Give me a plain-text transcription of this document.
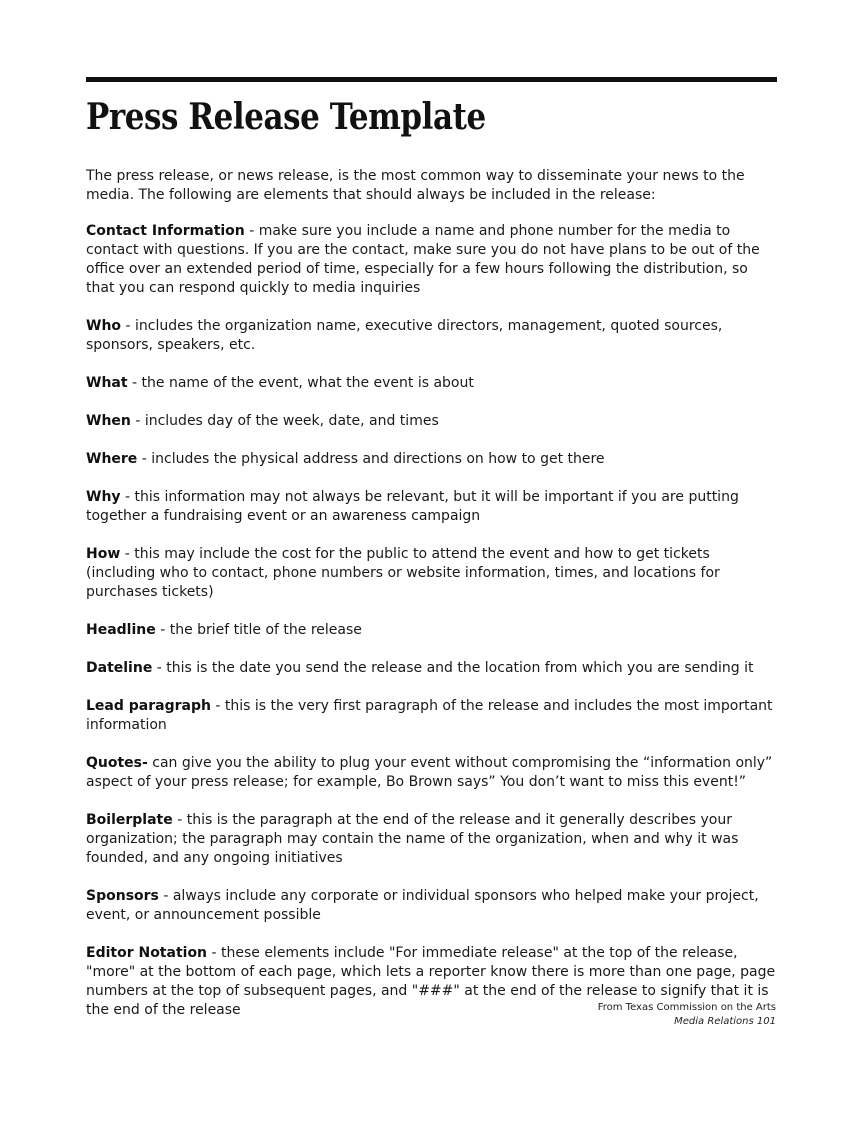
Press Release Template

The press release, or news release, is the most common way to disseminate your news to the media. The following are elements that should always be included in the release:

Contact Information - make sure you include a name and phone number for the media to contact with questions. If you are the contact, make sure you do not have plans to be out of the office over an extended period of time, especially for a few hours following the distribution, so that you can respond quickly to media inquiries

Who - includes the organization name, executive directors, management, quoted sources, sponsors, speakers, etc.

What - the name of the event, what the event is about

When - includes day of the week, date, and times

Where - includes the physical address and directions on how to get there

Why - this information may not always be relevant, but it will be important if you are putting together a fundraising event or an awareness campaign

How - this may include the cost for the public to attend the event and how to get tickets (including who to contact, phone numbers or website information, times, and locations for purchases tickets)

Headline - the brief title of the release

Dateline - this is the date you send the release and the location from which you are sending it

Lead paragraph - this is the very first paragraph of the release and includes the most important information

Quotes- can give you the ability to plug your event without compromising the “information only” aspect of your press release; for example, Bo Brown says” You don’t want to miss this event!”

Boilerplate - this is the paragraph at the end of the release and it generally describes your organization; the paragraph may contain the name of the organization, when and why it was founded, and any ongoing initiatives

Sponsors - always include any corporate or individual sponsors who helped make your project, event, or announcement possible

Editor Notation - these elements include "For immediate release" at the top of the release, "more" at the bottom of each page, which lets a reporter know there is more than one page, page numbers at the top of subsequent pages, and "###" at the end of the release to signify that it is the end of the release	From Texas Commission on the Arts
Media Relations 101
